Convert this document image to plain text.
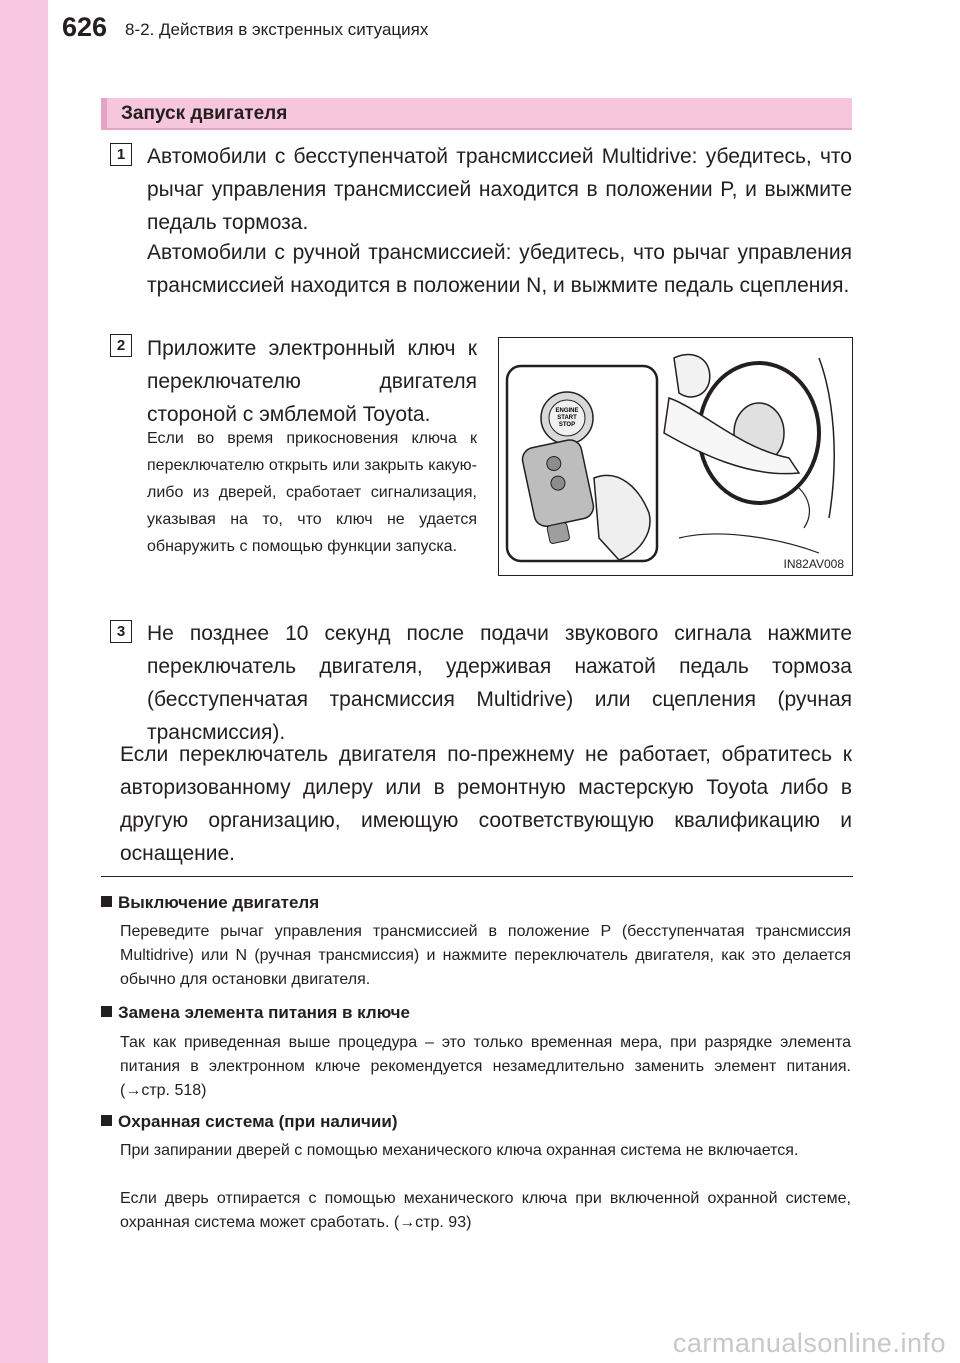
626 8-2. Действия в экстренных ситуациях
Запуск двигателя
1	Автомобили с бесступенчатой трансмиссией Multidrive: убедитесь, что рычаг управления трансмиссией находится в положении P, и выжмите педаль тормоза.

Автомобили с ручной трансмиссией: убедитесь, что рычаг управления трансмиссией находится в положении N, и выжмите педаль сцепления.

2	Приложите электронный ключ к переключателю двигателя стороной с эмблемой Toyota.

Если во время прикосновения ключа к переключателю открыть или закрыть какую-либо из дверей, сработает сигнализация, указывая на то, что ключ не удается обнаружить с помощью функции запуска.

ENGINE
START
STOP
IN82AV008
3	Не позднее 10 секунд после подачи звукового сигнала нажмите переключатель двигателя, удерживая нажатой педаль тормоза (бесступенчатая трансмиссия Multidrive) или сцепления (ручная трансмиссия).

Если переключатель двигателя по-прежнему не работает, обратитесь к авторизованному дилеру или в ремонтную мастерскую Toyota либо в другую организацию, имеющую соответствующую квалификацию и оснащение.

Выключение двигателя

Переведите рычаг управления трансмиссией в положение P (бесступенчатая трансмиссия Multidrive) или N (ручная трансмиссия) и нажмите переключатель двигателя, как это делается обычно для остановки двигателя.

Замена элемента питания в ключе

Так как приведенная выше процедура – это только временная мера, при разрядке элемента питания в электронном ключе рекомендуется незамедлительно заменить элемент питания. (→стр. 518)

Охранная система (при наличии)

При запирании дверей с помощью механического ключа охранная система не включается.

Если дверь отпирается с помощью механического ключа при включенной охранной системе, охранная система может сработать. (→стр. 93)

carmanualsonline.info
